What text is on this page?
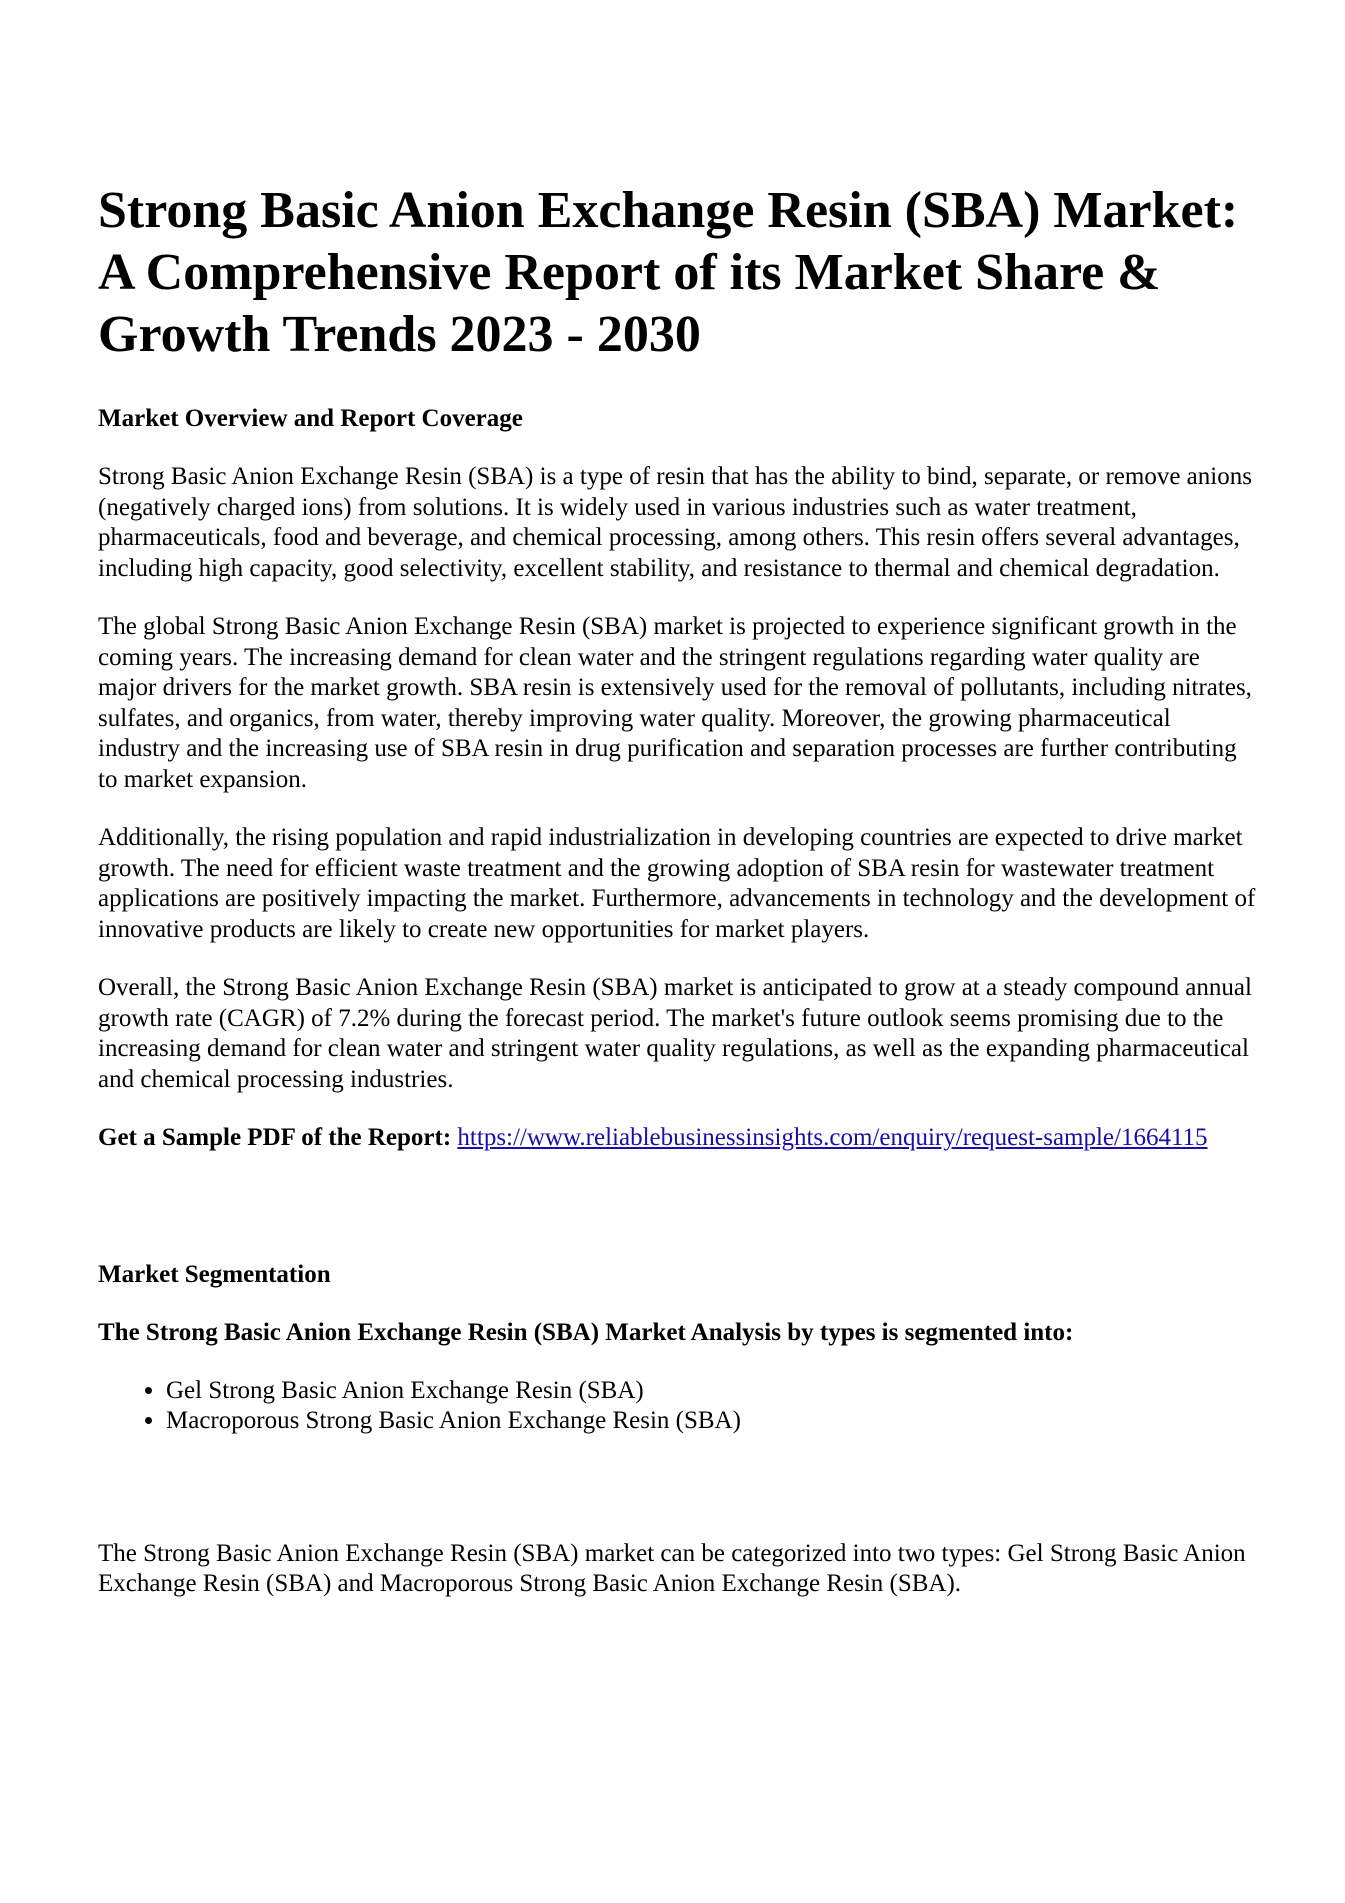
Strong Basic Anion Exchange Resin (SBA) Market: A Comprehensive Report of its Market Share & Growth Trends 2023 - 2030
Market Overview and Report Coverage

Strong Basic Anion Exchange Resin (SBA) is a type of resin that has the ability to bind, separate, or remove anions (negatively charged ions) from solutions. It is widely used in various industries such as water treatment, pharmaceuticals, food and beverage, and chemical processing, among others. This resin offers several advantages, including high capacity, good selectivity, excellent stability, and resistance to thermal and chemical degradation.

The global Strong Basic Anion Exchange Resin (SBA) market is projected to experience significant growth in the coming years. The increasing demand for clean water and the stringent regulations regarding water quality are major drivers for the market growth. SBA resin is extensively used for the removal of pollutants, including nitrates, sulfates, and organics, from water, thereby improving water quality. Moreover, the growing pharmaceutical industry and the increasing use of SBA resin in drug purification and separation processes are further contributing to market expansion.

Additionally, the rising population and rapid industrialization in developing countries are expected to drive market growth. The need for efficient waste treatment and the growing adoption of SBA resin for wastewater treatment applications are positively impacting the market. Furthermore, advancements in technology and the development of innovative products are likely to create new opportunities for market players.

Overall, the Strong Basic Anion Exchange Resin (SBA) market is anticipated to grow at a steady compound annual growth rate (CAGR) of 7.2% during the forecast period. The market's future outlook seems promising due to the increasing demand for clean water and stringent water quality regulations, as well as the expanding pharmaceutical and chemical processing industries.

Get a Sample PDF of the Report: https://www.reliablebusinessinsights.com/enquiry/request-sample/1664115

Market Segmentation
The Strong Basic Anion Exchange Resin (SBA) Market Analysis by types is segmented into:
• Gel Strong Basic Anion Exchange Resin (SBA)
• Macroporous Strong Basic Anion Exchange Resin (SBA)

The Strong Basic Anion Exchange Resin (SBA) market can be categorized into two types: Gel Strong Basic Anion Exchange Resin (SBA) and Macroporous Strong Basic Anion Exchange Resin (SBA).
